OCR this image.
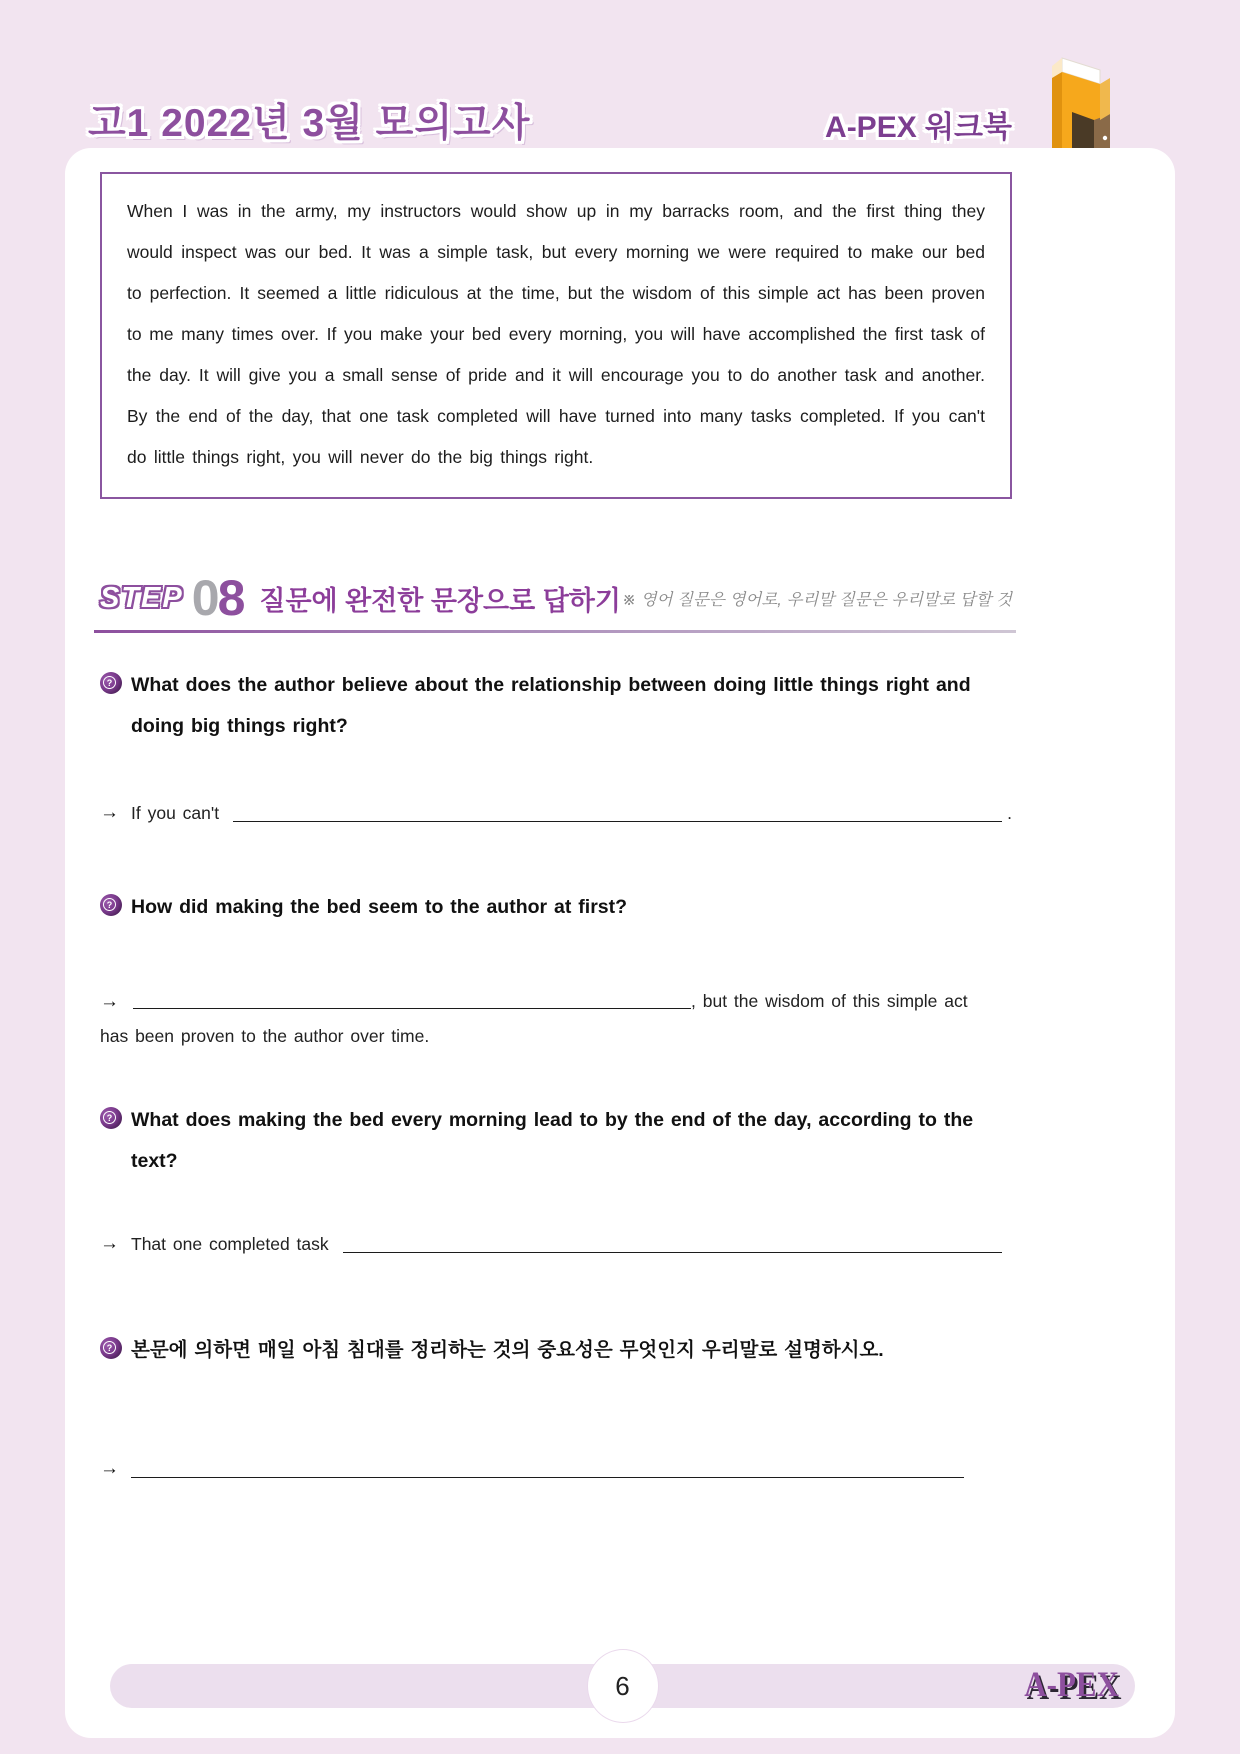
고1 2022년 3월 모의고사	A-PEX 워크북

When I was in the army, my instructors would show up in my barracks room, and the first thing they would inspect was our bed. It was a simple task, but every morning we were required to make our bed to perfection. It seemed a little ridiculous at the time, but the wisdom of this simple act has been proven to me many times over. If you make your bed every morning, you will have accomplished the first task of the day. It will give you a small sense of pride and it will encourage you to do another task and another. By the end of the day, that one task completed will have turned into many tasks completed. If you can't do little things right, you will never do the big things right.

STEP 08 질문에 완전한 문장으로 답하기 ※ 영어 질문은 영어로, 우리말 질문은 우리말로 답할 것
? What does the author believe about the relationship between doing little things right and doing big things right?
→ If you can't	.
? How did making the bed seem to the author at first?

→	, but the wisdom of this simple act
has been proven to the author over time.

? What does making the bed every morning lead to by the end of the day, according to the text?
→ That one completed task
? 본문에 의하면 매일 아침 침대를 정리하는 것의 중요성은 무엇인지 우리말로 설명하시오.
→
6	A-PEX
